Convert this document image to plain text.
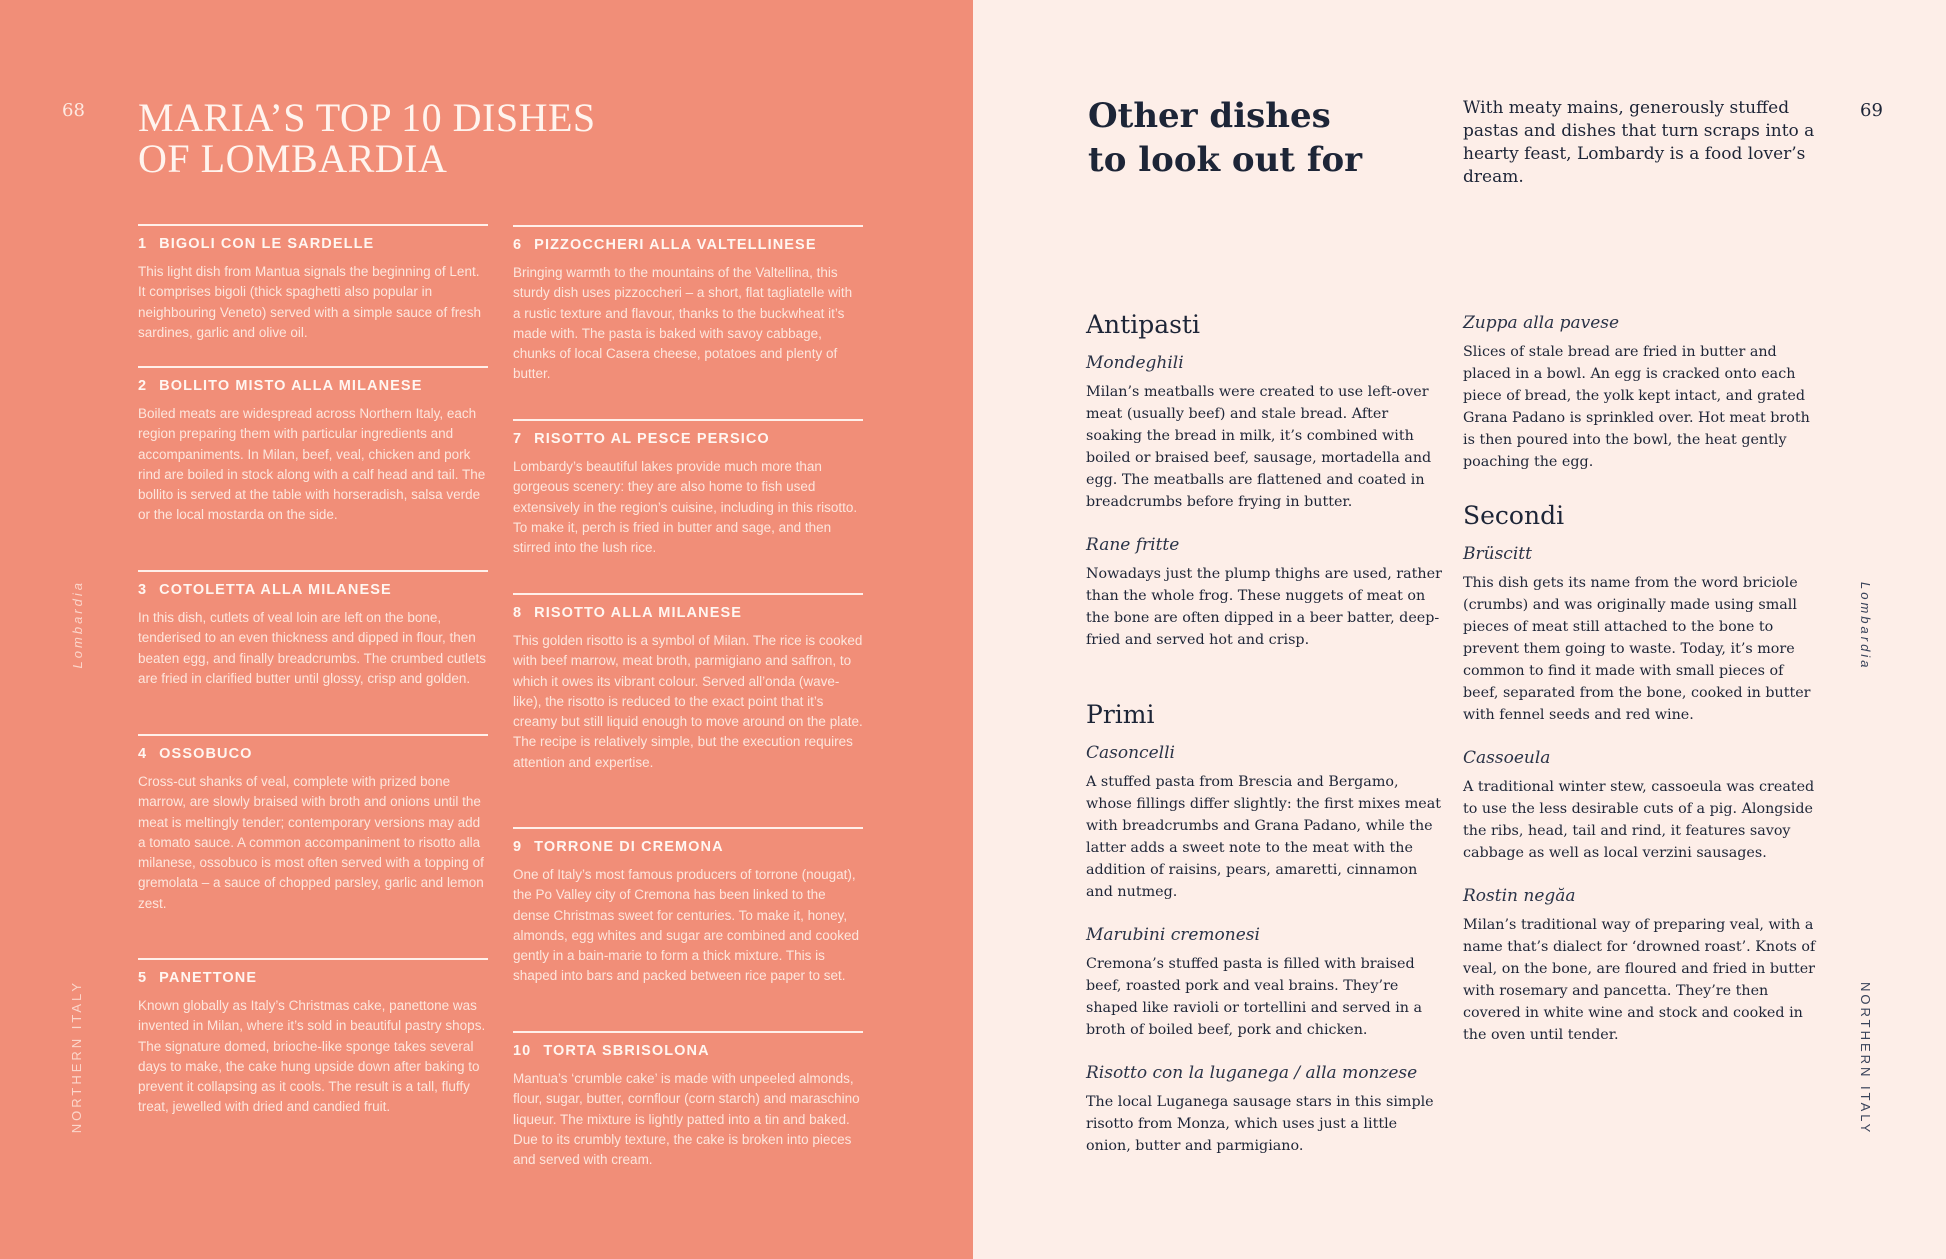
68 MARIA’S TOP 10 DISHES
OF LOMBARDIA
Lombardia
NORTHERN ITALY

1 BIGOLI CON LE SARDELLE

This light dish from Mantua signals the beginning of Lent. It comprises bigoli (thick spaghetti also popular in neighbouring Veneto) served with a simple sauce of fresh sardines, garlic and olive oil.

2 BOLLITO MISTO ALLA MILANESE

Boiled meats are widespread across Northern Italy, each region preparing them with particular ingredients and accompaniments. In Milan, beef, veal, chicken and pork rind are boiled in stock along with a calf head and tail. The bollito is served at the table with horseradish, salsa verde or the local mostarda on the side.

3 COTOLETTA ALLA MILANESE

In this dish, cutlets of veal loin are left on the bone, tenderised to an even thickness and dipped in flour, then beaten egg, and finally breadcrumbs. The crumbed cutlets are fried in clarified butter until glossy, crisp and golden.

4 OSSOBUCO

Cross-cut shanks of veal, complete with prized bone marrow, are slowly braised with broth and onions until the meat is meltingly tender; contemporary versions may add a tomato sauce. A common accompaniment to risotto alla milanese, ossobuco is most often served with a topping of gremolata – a sauce of chopped parsley, garlic and lemon zest.

5 PANETTONE

Known globally as Italy’s Christmas cake, panettone was invented in Milan, where it’s sold in beautiful pastry shops. The signature domed, brioche-like sponge takes several days to make, the cake hung upside down after baking to prevent it collapsing as it cools. The result is a tall, fluffy treat, jewelled with dried and candied fruit.

6 PIZZOCCHERI ALLA VALTELLINESE

Bringing warmth to the mountains of the Valtellina, this sturdy dish uses pizzoccheri – a short, flat tagliatelle with a rustic texture and flavour, thanks to the buckwheat it’s made with. The pasta is baked with savoy cabbage, chunks of local Casera cheese, potatoes and plenty of butter.

7 RISOTTO AL PESCE PERSICO

Lombardy’s beautiful lakes provide much more than gorgeous scenery: they are also home to fish used extensively in the region’s cuisine, including in this risotto. To make it, perch is fried in butter and sage, and then stirred into the lush rice.

8 RISOTTO ALLA MILANESE

This golden risotto is a symbol of Milan. The rice is cooked with beef marrow, meat broth, parmigiano and saffron, to which it owes its vibrant colour. Served all’onda (wave-like), the risotto is reduced to the exact point that it’s creamy but still liquid enough to move around on the plate. The recipe is relatively simple, but the execution requires attention and expertise.

9 TORRONE DI CREMONA

One of Italy’s most famous producers of torrone (nougat), the Po Valley city of Cremona has been linked to the dense Christmas sweet for centuries. To make it, honey, almonds, egg whites and sugar are combined and cooked gently in a bain-marie to form a thick mixture. This is shaped into bars and packed between rice paper to set.

10 TORTA SBRISOLONA

Mantua’s ‘crumble cake’ is made with unpeeled almonds, flour, sugar, butter, cornflour (corn starch) and maraschino liqueur. The mixture is lightly patted into a tin and baked. Due to its crumbly texture, the cake is broken into pieces and served with cream.

69
Other dishes
to look out for

With meaty mains, generously stuffed pastas and dishes that turn scraps into a hearty feast, Lombardy is a food lover’s dream.

Lombardia
NORTHERN ITALY
Antipasti

Mondeghili

Milan’s meatballs were created to use left-over meat (usually beef) and stale bread. After soaking the bread in milk, it’s combined with boiled or braised beef, sausage, mortadella and egg. The meatballs are flattened and coated in breadcrumbs before frying in butter.

Rane fritte

Nowadays just the plump thighs are used, rather than the whole frog. These nuggets of meat on the bone are often dipped in a beer batter, deep-fried and served hot and crisp.

Primi

Casoncelli

A stuffed pasta from Brescia and Bergamo, whose fillings differ slightly: the first mixes meat with breadcrumbs and Grana Padano, while the latter adds a sweet note to the meat with the addition of raisins, pears, amaretti, cinnamon and nutmeg.

Marubini cremonesi

Cremona’s stuffed pasta is filled with braised beef, roasted pork and veal brains. They’re shaped like ravioli or tortellini and served in a broth of boiled beef, pork and chicken.

Risotto con la luganega / alla monzese

The local Luganega sausage stars in this simple risotto from Monza, which uses just a little onion, butter and parmigiano.

Zuppa alla pavese

Slices of stale bread are fried in butter and placed in a bowl. An egg is cracked onto each piece of bread, the yolk kept intact, and grated Grana Padano is sprinkled over. Hot meat broth is then poured into the bowl, the heat gently poaching the egg.

Secondi

Brüscitt

This dish gets its name from the word briciole (crumbs) and was originally made using small pieces of meat still attached to the bone to prevent them going to waste. Today, it’s more common to find it made with small pieces of beef, separated from the bone, cooked in butter with fennel seeds and red wine.

Cassoeula

A traditional winter stew, cassoeula was created to use the less desirable cuts of a pig. Alongside the ribs, head, tail and rind, it features savoy cabbage as well as local verzini sausages.

Rostin negăa

Milan’s traditional way of preparing veal, with a name that’s dialect for ‘drowned roast’. Knots of veal, on the bone, are floured and fried in butter with rosemary and pancetta. They’re then covered in white wine and stock and cooked in the oven until tender.
